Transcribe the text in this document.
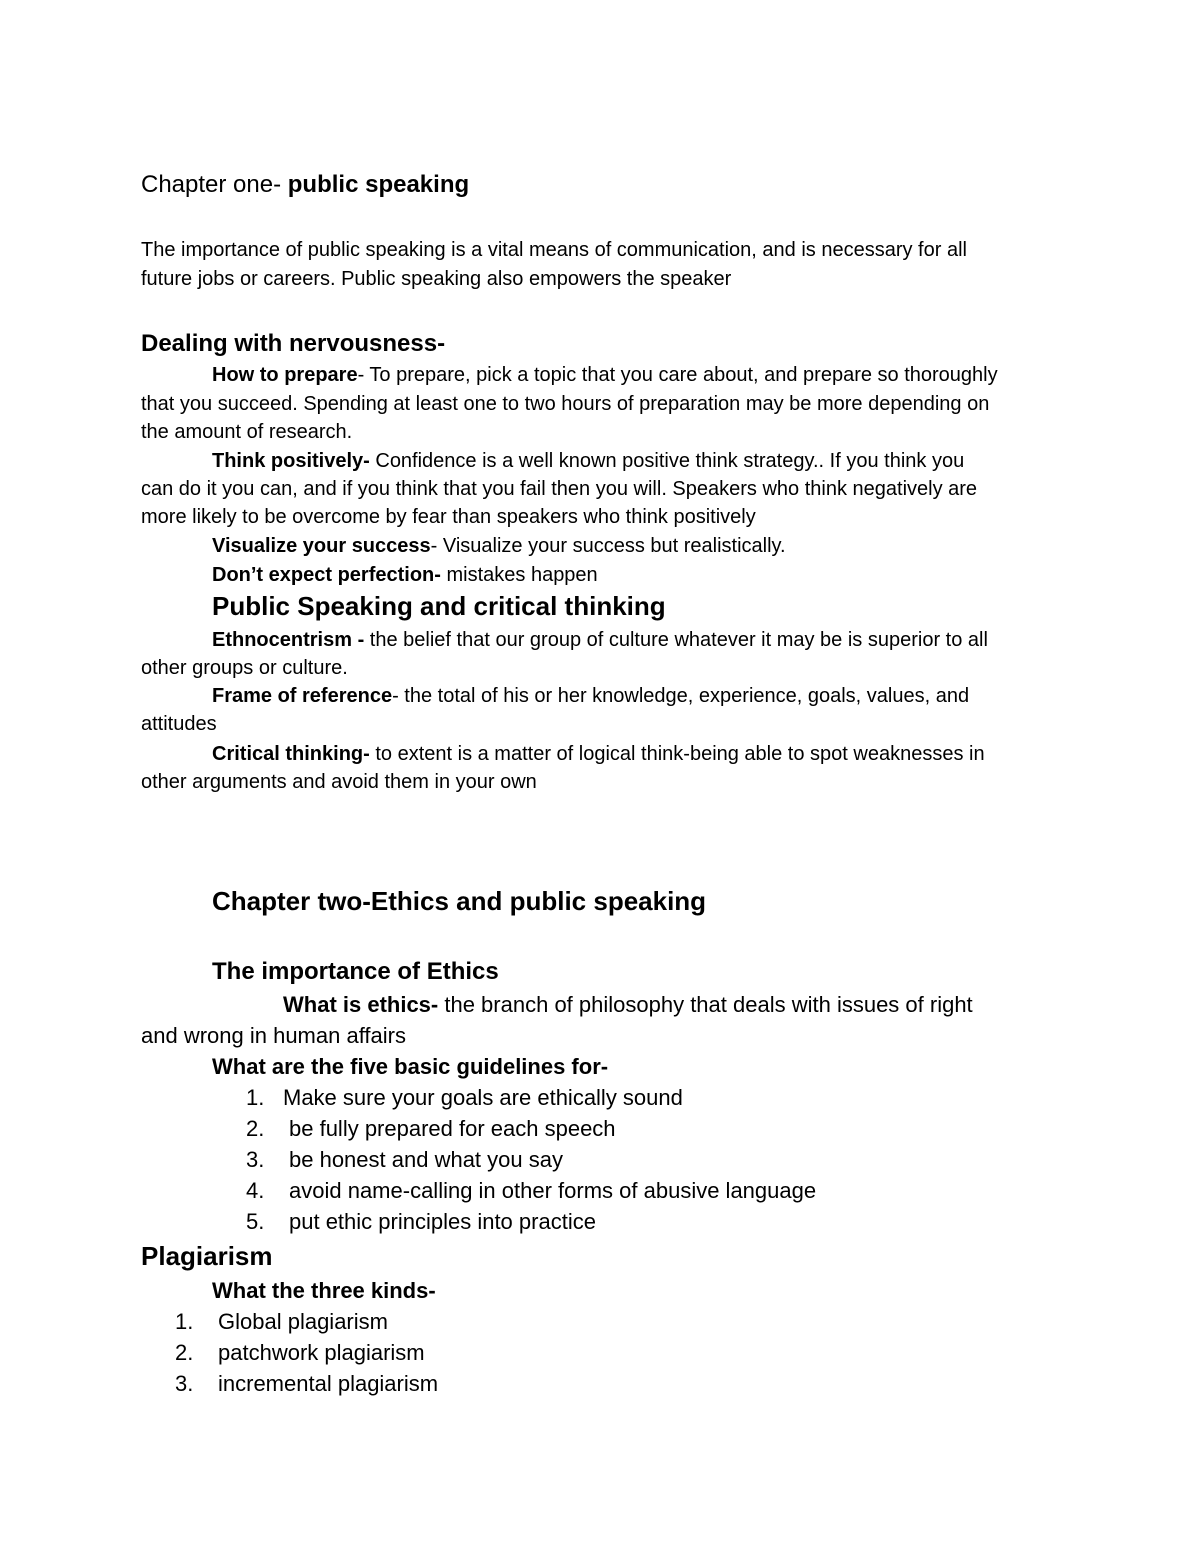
Chapter one- public speaking
The importance of public speaking is a vital means of communication, and is necessary for all
future jobs or careers. Public speaking also empowers the speaker
Dealing with nervousness-
How to prepare- To prepare, pick a topic that you care about, and prepare so thoroughly
that you succeed. Spending at least one to two hours of preparation may be more depending on
the amount of research.
Think positively- Confidence is a well known positive think strategy.. If you think you
can do it you can, and if you think that you fail then you will. Speakers who think negatively are
more likely to be overcome by fear than speakers who think positively
Visualize your success- Visualize your success but realistically.
Don’t expect perfection- mistakes happen
Public Speaking and critical thinking
Ethnocentrism - the belief that our group of culture whatever it may be is superior to all
other groups or culture.
Frame of reference- the total of his or her knowledge, experience, goals, values, and
attitudes
Critical thinking- to extent is a matter of logical think-being able to spot weaknesses in
other arguments and avoid them in your own
Chapter two-Ethics and public speaking
The importance of Ethics
What is ethics- the branch of philosophy that deals with issues of right
and wrong in human affairs
What are the five basic guidelines for-
1. Make sure your goals are ethically sound
2. be fully prepared for each speech
3. be honest and what you say
4. avoid name-calling in other forms of abusive language
5. put ethic principles into practice
Plagiarism
What the three kinds-
1. Global plagiarism
2. patchwork plagiarism
3. incremental plagiarism
